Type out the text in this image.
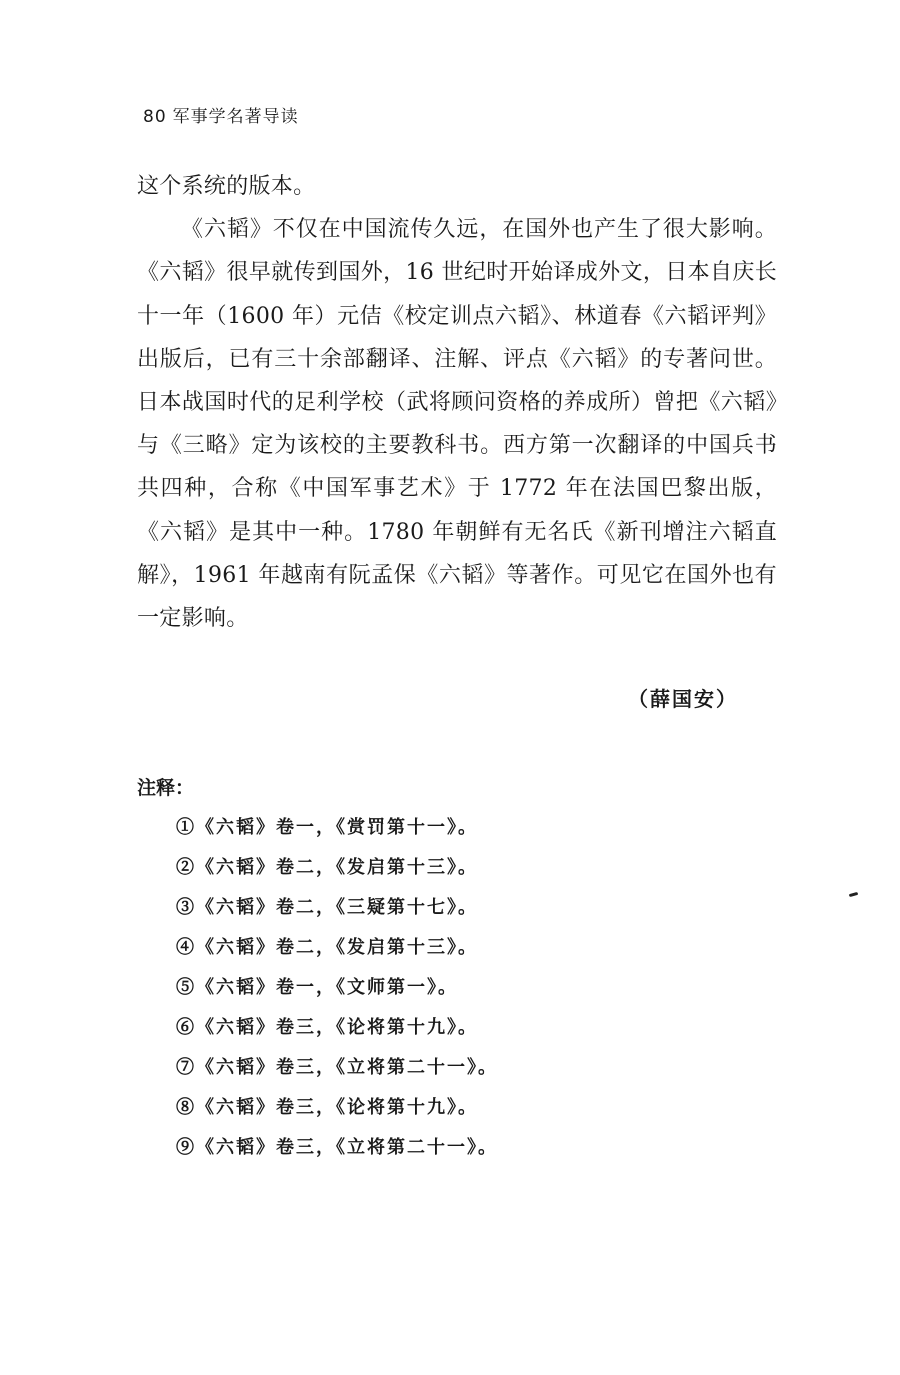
80 军事学名著导读

这个系统的版本。

《六韬》不仅在中国流传久远，在国外也产生了很大影响。《六韬》很早就传到国外，16 世纪时开始译成外文，日本自庆长十一年（1600 年）元佶《校定训点六韬》、林道春《六韬评判》出版后，已有三十余部翻译、注解、评点《六韬》的专著问世。日本战国时代的足利学校（武将顾问资格的养成所）曾把《六韬》与《三略》定为该校的主要教科书。西方第一次翻译的中国兵书共四种，合称《中国军事艺术》于 1772 年在法国巴黎出版，《六韬》是其中一种。1780 年朝鲜有无名氏《新刊增注六韬直解》，1961 年越南有阮孟保《六韬》等著作。可见它在国外也有一定影响。

（薛国安）
注释：
①《六韬》卷一，《赏罚第十一》。
②《六韬》卷二，《发启第十三》。
③《六韬》卷二，《三疑第十七》。
④《六韬》卷二，《发启第十三》。
⑤《六韬》卷一，《文师第一》。
⑥《六韬》卷三，《论将第十九》。
⑦《六韬》卷三，《立将第二十一》。
⑧《六韬》卷三，《论将第十九》。
⑨《六韬》卷三，《立将第二十一》。
